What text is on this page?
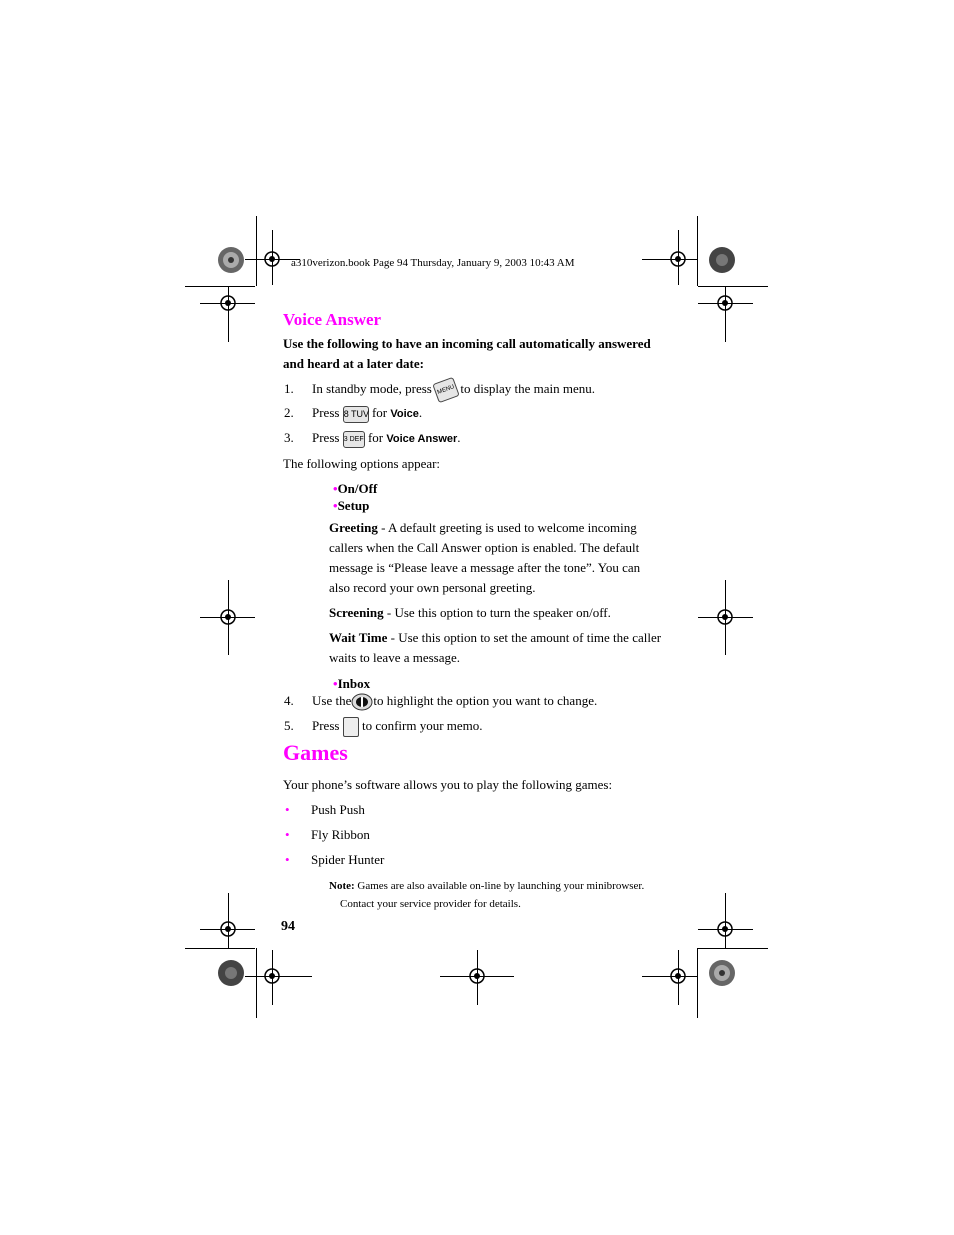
a310verizon.book Page 94 Thursday, January 9, 2003 10:43 AM
Voice Answer
Use the following to have an incoming call automatically answered and heard at a later date:
1. In standby mode, press MENU to display the main menu.
2. Press 8 TUV for Voice.
3. Press 3 DEF for Voice Answer.
The following options appear:
•On/Off
•Setup
Greeting - A default greeting is used to welcome incoming callers when the Call Answer option is enabled. The default message is “Please leave a message after the tone”. You can also record your own personal greeting.
Screening - Use this option to turn the speaker on/off.
Wait Time - Use this option to set the amount of time the caller waits to leave a message.
•Inbox
4. Use the to highlight the option you want to change.
5. Press to confirm your memo.
Games
Your phone’s software allows you to play the following games:
• Push Push
• Fly Ribbon
• Spider Hunter
Note: Games are also available on-line by launching your minibrowser.
Contact your service provider for details.
94
